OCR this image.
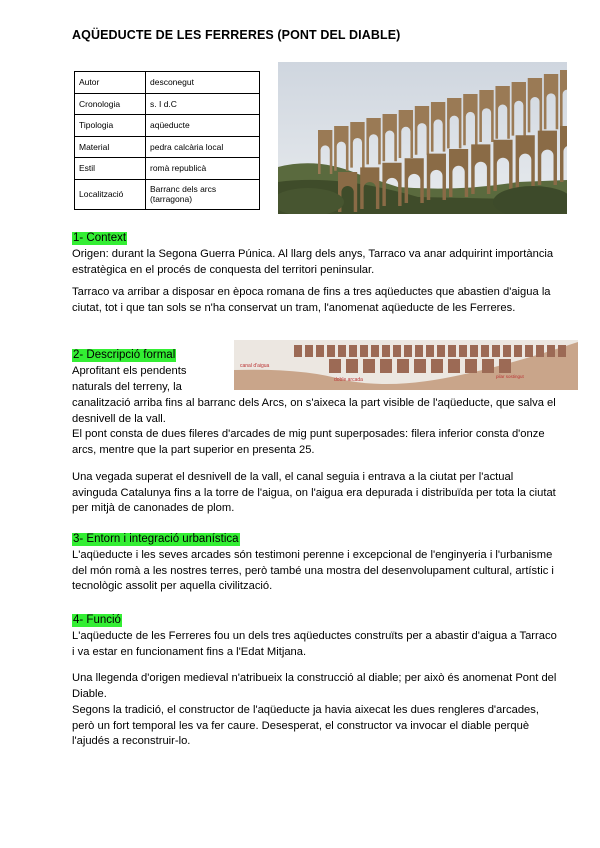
AQÜEDUCTE DE LES FERRERES (PONT DEL DIABLE)
Autor	desconegut
Cronologia	s. I d.C
Tipologia	aqüeducte
Material	pedra calcària local
Estil	romà republicà
Localització	Barranc dels arcs (tarragona)
1- Context
Origen: durant la Segona Guerra Púnica. Al llarg dels anys, Tarraco va anar adquirint importància estratègica en el procés de conquesta del territori peninsular.
Tarraco va arribar a disposar en època romana de fins a tres aqüeductes que abastien d'aigua la ciutat, tot i que tan sols se n'ha conservat un tram, l'anomenat aqüeducte de les Ferreres.
2- Descripció formal
canal d'aigua
doble arcada
pilar sostingut
Aprofitant els pendents naturals del terreny, la
canalització arriba fins al barranc dels Arcs, on s'aixeca la part visible de l'aqüeducte, que salva el desnivell de la vall.
El pont consta de dues fileres d'arcades de mig punt superposades: filera inferior consta d'onze arcs, mentre que la part superior en presenta 25.
Una vegada superat el desnivell de la vall, el canal seguia i entrava a la ciutat per l'actual avinguda Catalunya fins a la torre de l'aigua, on l'aigua era depurada i distribuïda per tota la ciutat per mitjà de canonades de plom.
3- Entorn i integració urbanística
L'aqüeducte i les seves arcades són testimoni perenne i excepcional de l'enginyeria i l'urbanisme del món romà a les nostres terres, però també una mostra del desenvolupament cultural, artístic i tecnològic assolit per aquella civilització.
4- Funció
L'aqüeducte de les Ferreres fou un dels tres aqüeductes construïts per a abastir d'aigua a Tarraco i va estar en funcionament fins a l'Edat Mitjana.
Una llegenda d'origen medieval n'atribueix la construcció al diable; per això és anomenat Pont del Diable.
Segons la tradició, el constructor de l'aqüeducte ja havia aixecat les dues rengleres d'arcades, però un fort temporal les va fer caure. Desesperat, el constructor va invocar el diable perquè l'ajudés a reconstruir-lo.
